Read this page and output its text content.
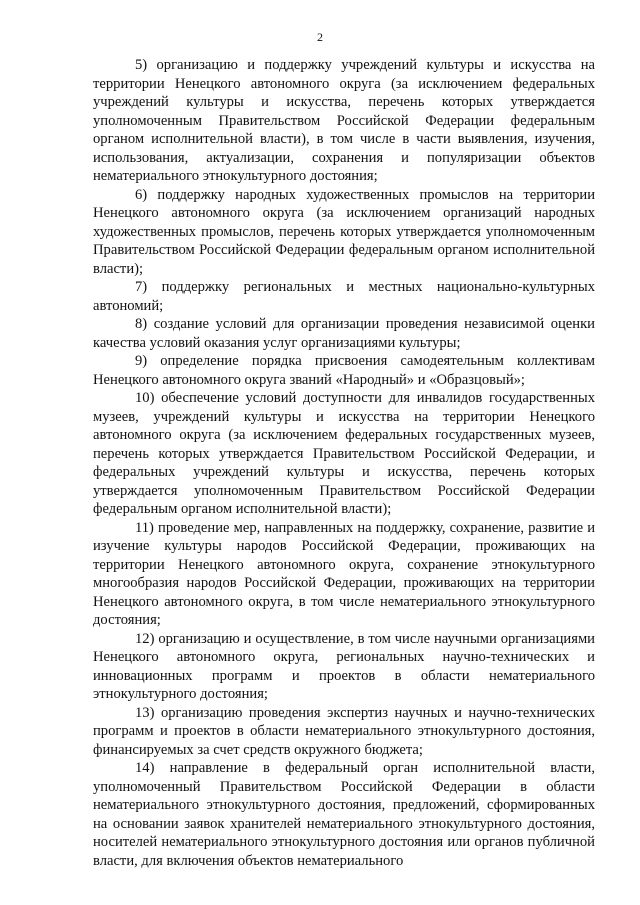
2

5) организацию и поддержку учреждений культуры и искусства на территории Ненецкого автономного округа (за исключением федеральных учреждений культуры и искусства, перечень которых утверждается уполномоченным Правительством Российской Федерации федеральным органом исполнительной власти), в том числе в части выявления, изучения, использования, актуализации, сохранения и популяризации объектов нематериального этнокультурного достояния;

6) поддержку народных художественных промыслов на территории Ненецкого автономного округа (за исключением организаций народных художественных промыслов, перечень которых утверждается уполномоченным Правительством Российской Федерации федеральным органом исполнительной власти);

7) поддержку региональных и местных национально-культурных автономий;

8) создание условий для организации проведения независимой оценки качества условий оказания услуг организациями культуры;

9) определение порядка присвоения самодеятельным коллективам Ненецкого автономного округа званий «Народный» и «Образцовый»;

10) обеспечение условий доступности для инвалидов государственных музеев, учреждений культуры и искусства на территории Ненецкого автономного округа (за исключением федеральных государственных музеев, перечень которых утверждается Правительством Российской Федерации, и федеральных учреждений культуры и искусства, перечень которых утверждается уполномоченным Правительством Российской Федерации федеральным органом исполнительной власти);

11) проведение мер, направленных на поддержку, сохранение, развитие и изучение культуры народов Российской Федерации, проживающих на территории Ненецкого автономного округа, сохранение этнокультурного многообразия народов Российской Федерации, проживающих на территории Ненецкого автономного округа, в том числе нематериального этнокультурного достояния;

12) организацию и осуществление, в том числе научными организациями Ненецкого автономного округа, региональных научно-технических и инновационных программ и проектов в области нематериального этнокультурного достояния;

13) организацию проведения экспертиз научных и научно-технических программ и проектов в области нематериального этнокультурного достояния, финансируемых за счет средств окружного бюджета;

14) направление в федеральный орган исполнительной власти, уполномоченный Правительством Российской Федерации в области нематериального этнокультурного достояния, предложений, сформированных на основании заявок хранителей нематериального этнокультурного достояния, носителей нематериального этнокультурного достояния или органов публичной власти, для включения объектов нематериального
